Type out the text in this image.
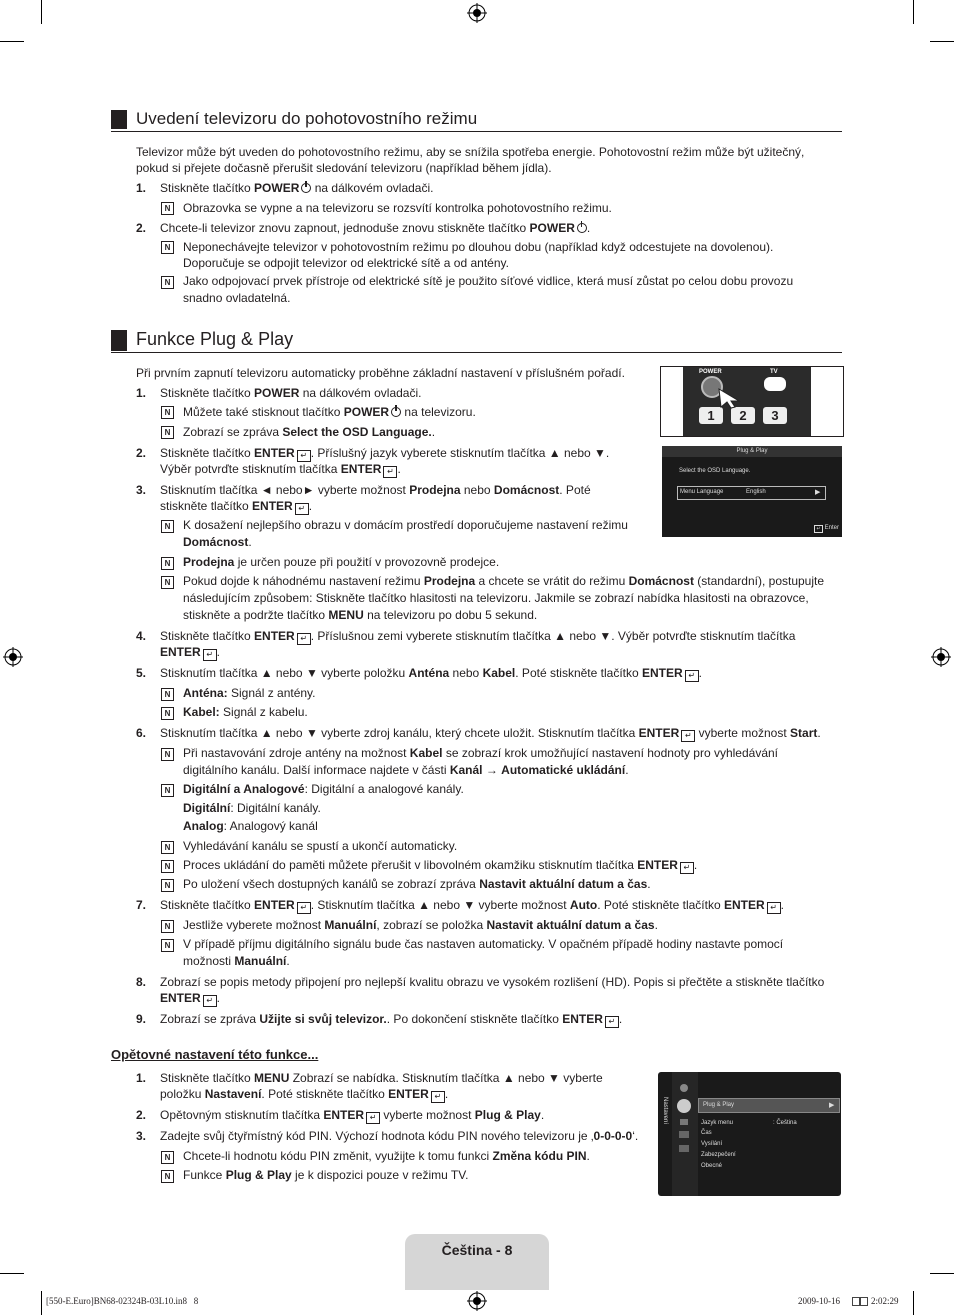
Uvedení televizoru do pohotovostního režimu
Televizor může být uveden do pohotovostního režimu, aby se snížila spotřeba energie. Pohotovostní režim může být užitečný,
pokud si přejete dočasně přerušit sledování televizoru (například během jídla).
1. Stiskněte tlačítko POWER na dálkovém ovladači.
N	Obrazovka se vypne a na televizoru se rozsvítí kontrolka pohotovostního režimu.
2. Chcete-li televizor znovu zapnout, jednoduše znovu stiskněte tlačítko POWER .
N	Neponechávejte televizor v pohotovostním režimu po dlouhou dobu (například když odcestujete na dovolenou).
Doporučuje se odpojit televizor od elektrické sítě a od antény.
N	Jako odpojovací prvek přístroje od elektrické sítě je použito síťové vidlice, která musí zůstat po celou dobu provozu
snadno ovladatelná.
Funkce Plug & Play
Při prvním zapnutí televizoru automaticky proběhne základní nastavení v příslušném pořadí.	POWER	TV
1	2	3
Plug & Play
Select the OSD Language.
Menu Language	English	▶
↵ Enter
1. Stiskněte tlačítko POWER na dálkovém ovladači.
N	Můžete také stisknout tlačítko POWER na televizoru.
N	Zobrazí se zpráva Select the OSD Language..
2. Stiskněte tlačítko ENTER ↵ . Příslušný jazyk vyberete stisknutím tlačítka ▲ nebo ▼.
Výběr potvrďte stisknutím tlačítka ENTER ↵ .
3. Stisknutím tlačítka ◄ nebo► vyberte možnost Prodejna nebo Domácnost. Poté
stiskněte tlačítko ENTER ↵ .
N	K dosažení nejlepšího obrazu v domácím prostředí doporučujeme nastavení režimu
Domácnost.
N	Prodejna je určen pouze při použití v provozovně prodejce.
N	Pokud dojde k náhodnému nastavení režimu Prodejna a chcete se vrátit do režimu Domácnost (standardní), postupujte
následujícím způsobem: Stiskněte tlačítko hlasitosti na televizoru. Jakmile se zobrazí nabídka hlasitosti na obrazovce,
stiskněte a podržte tlačítko MENU na televizoru po dobu 5 sekund.
4. Stiskněte tlačítko ENTER ↵ . Příslušnou zemi vyberete stisknutím tlačítka ▲ nebo ▼. Výběr potvrďte stisknutím tlačítka
ENTER ↵ .
5. Stisknutím tlačítka ▲ nebo ▼ vyberte položku Anténa nebo Kabel. Poté stiskněte tlačítko ENTER ↵ .
N	Anténa: Signál z antény.
N	Kabel: Signál z kabelu.
6. Stisknutím tlačítka ▲ nebo ▼ vyberte zdroj kanálu, který chcete uložit. Stisknutím tlačítka ENTER ↵ vyberte možnost Start.
N	Při nastavování zdroje antény na možnost Kabel se zobrazí krok umožňující nastavení hodnoty pro vyhledávání
digitálního kanálu. Další informace najdete v části Kanál → Automatické ukládání.
N	Digitální a Analogové: Digitální a analogové kanály.
Digitální: Digitální kanály.
Analog: Analogový kanál
N	Vyhledávání kanálu se spustí a ukončí automaticky.
N	Proces ukládání do paměti můžete přerušit v libovolném okamžiku stisknutím tlačítka ENTER ↵ .
N	Po uložení všech dostupných kanálů se zobrazí zpráva Nastavit aktuální datum a čas.
7. Stiskněte tlačítko ENTER ↵ . Stisknutím tlačítka ▲ nebo ▼ vyberte možnost Auto. Poté stiskněte tlačítko ENTER ↵ .
N	Jestliže vyberete možnost Manuální, zobrazí se položka Nastavit aktuální datum a čas.
N	V případě příjmu digitálního signálu bude čas nastaven automaticky. V opačném případě hodiny nastavte pomocí
možnosti Manuální.
8. Zobrazí se popis metody připojení pro nejlepší kvalitu obrazu ve vysokém rozlišení (HD). Popis si přečtěte a stiskněte tlačítko
ENTER ↵ .
9. Zobrazí se zpráva Užijte si svůj televizor.. Po dokončení stiskněte tlačítko ENTER ↵ .
Opětovné nastavení této funkce...
1. Stiskněte tlačítko MENU Zobrazí se nabídka. Stisknutím tlačítka ▲ nebo ▼ vyberte
položku Nastavení. Poté stiskněte tlačítko ENTER ↵ .
2. Opětovným stisknutím tlačítka ENTER ↵ vyberte možnost Plug & Play.
3. Zadejte svůj čtyřmístný kód PIN. Výchozí hodnota kódu PIN nového televizoru je ‚0-0-0-0‘.
N	Chcete-li hodnotu kódu PIN změnit, využijte k tomu funkci Změna kódu PIN.
N	Funkce Plug & Play je k dispozici pouze v režimu TV.
Nastavení	Plug & Play	▶
Jazyk menu	: Čeština
Čas
Vysílání
Zabezpečení
Obecné
Čeština - 8
[550-E.Euro]BN68-02324B-03L10.in8   8	2009-10-16	2:02:29
